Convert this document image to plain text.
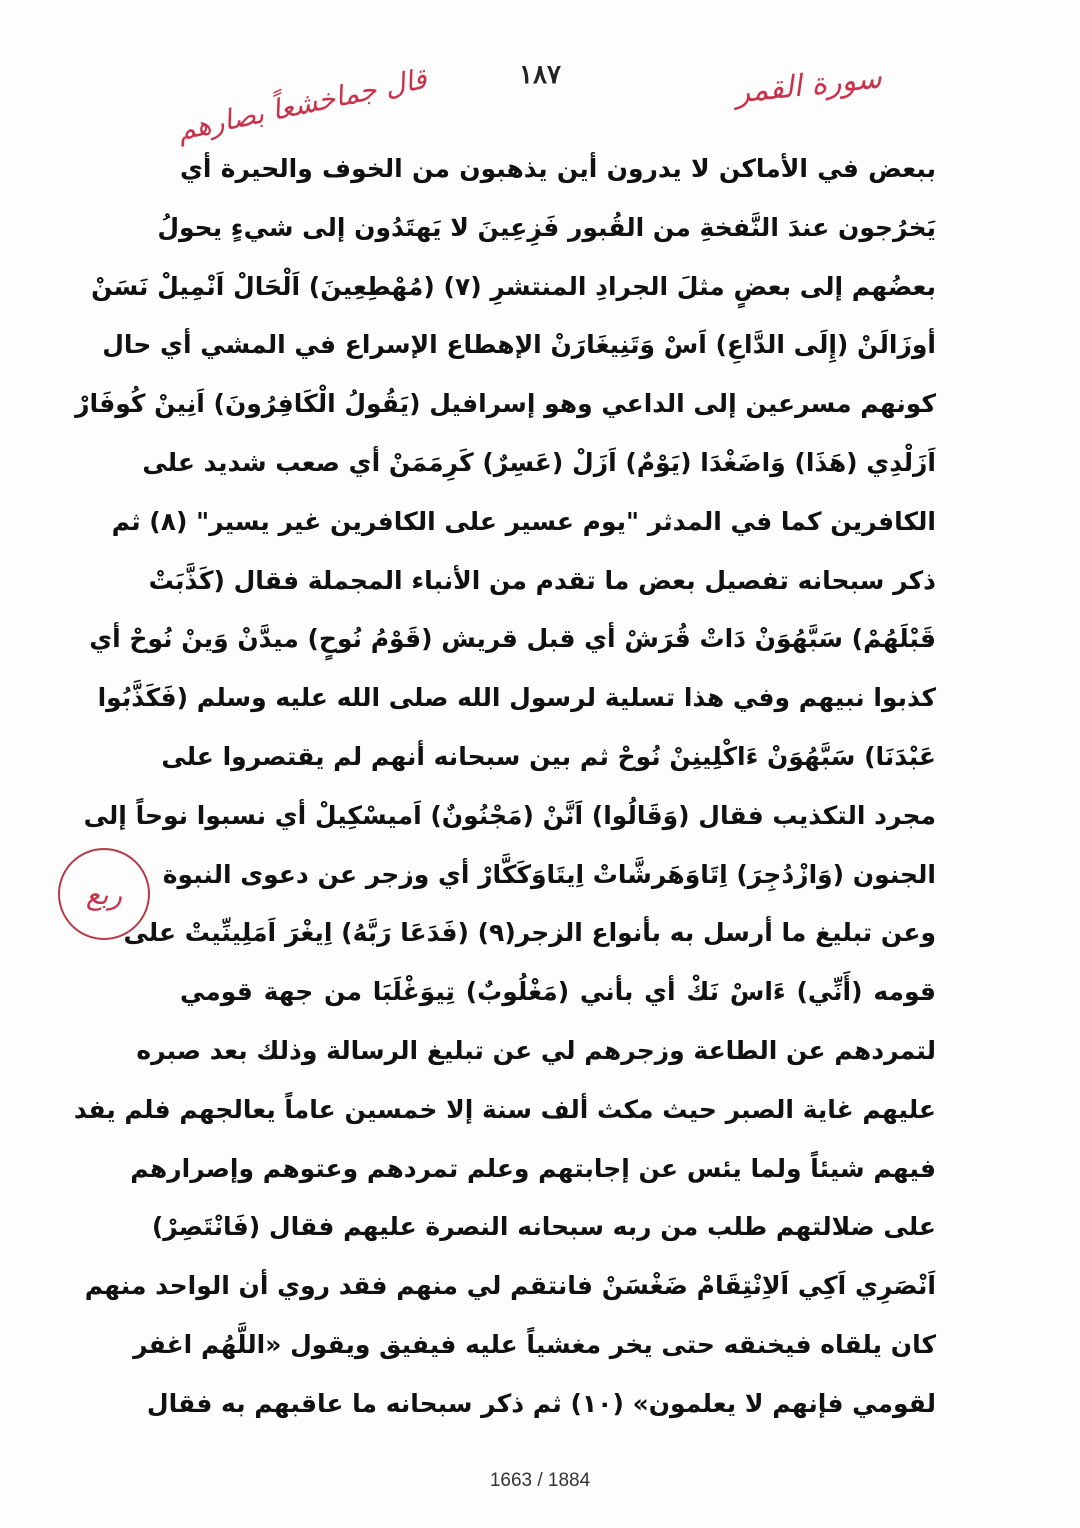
١٨٧	سورة القمر
قال جماخشعاً بصارهم
ربع
ببعض في الأماكن لا يدرون أين يذهبون من الخوف والحيرة أي
يَخرُجون عندَ النَّفخةِ من القُبور فَزِعِينَ لا يَهتَدُون إلى شيءٍ يحولُ
بعضُهم إلى بعضٍ مثلَ الجرادِ المنتشرِ (٧) (مُهْطِعِينَ) اَلْحَالْ اَنْمِيلْ نَسَنْ
أوزَالَنْ (إِلَى الدَّاعِ) اَسْ وَتَنِيغَارَنْ الإهطاع الإسراع في المشي أي حال
كونهم مسرعين إلى الداعي وهو إسرافيل (يَقُولُ الْكَافِرُونَ) اَنِينْ كُوفَارْ
اَزَلْدِي (هَذَا) وَاضَغْدَا (يَوْمٌ) اَزَلْ (عَسِرٌ) كَرِمَمَنْ أي صعب شديد على
الكافرين كما في المدثر "يوم عسير على الكافرين غير يسير" (٨) ثم
ذكر سبحانه تفصيل بعض ما تقدم من الأنباء المجملة فقال (كَذَّبَتْ
قَبْلَهُمْ) سَبَّهُوَنْ دَاتْ قُرَشْ أي قبل قريش (قَوْمُ نُوحٍ) ميدَّنْ وَينْ نُوحْ أي
كذبوا نبيهم وفي هذا تسلية لرسول الله صلى الله عليه وسلم (فَكَذَّبُوا
عَبْدَنَا) سَبَّهُوَنْ ءَاكْلِينِنْ نُوحْ ثم بين سبحانه أنهم لم يقتصروا على
مجرد التكذيب فقال (وَقَالُوا) اَنَّنْ (مَجْنُونٌ) اَميسْكِيلْ أي نسبوا نوحاً إلى
الجنون (وَازْدُجِرَ) اِتَاوَهَرشَّاتْ اِيتَاوَكَكَّارْ أي وزجر عن دعوى النبوة
وعن تبليغ ما أرسل به بأنواع الزجر(٩) (فَدَعَا رَبَّهُ) اِيغْرَ اَمَلِينِّيتْ على
قومه (أَنِّي) ءَاسْ نَكْ أي بأني (مَغْلُوبٌ) تِيوَغْلَبَا من جهة قومي
لتمردهم عن الطاعة وزجرهم لي عن تبليغ الرسالة وذلك بعد صبره
عليهم غاية الصبر حيث مكث ألف سنة إلا خمسين عاماً يعالجهم فلم يفد
فيهم شيئاً ولما يئس عن إجابتهم وعلم تمردهم وعتوهم وإصرارهم
على ضلالتهم طلب من ربه سبحانه النصرة عليهم فقال (فَانْتَصِرْ)
اَنْصَرِي اَكِي اَلاِنْتِقَامْ ضَغْسَنْ فانتقم لي منهم فقد روي أن الواحد منهم
كان يلقاه فيخنقه حتى يخر مغشياً عليه فيفيق ويقول «اللَّهُم اغفر
لقومي فإنهم لا يعلمون» (١٠) ثم ذكر سبحانه ما عاقبهم به فقال
1663 / 1884
